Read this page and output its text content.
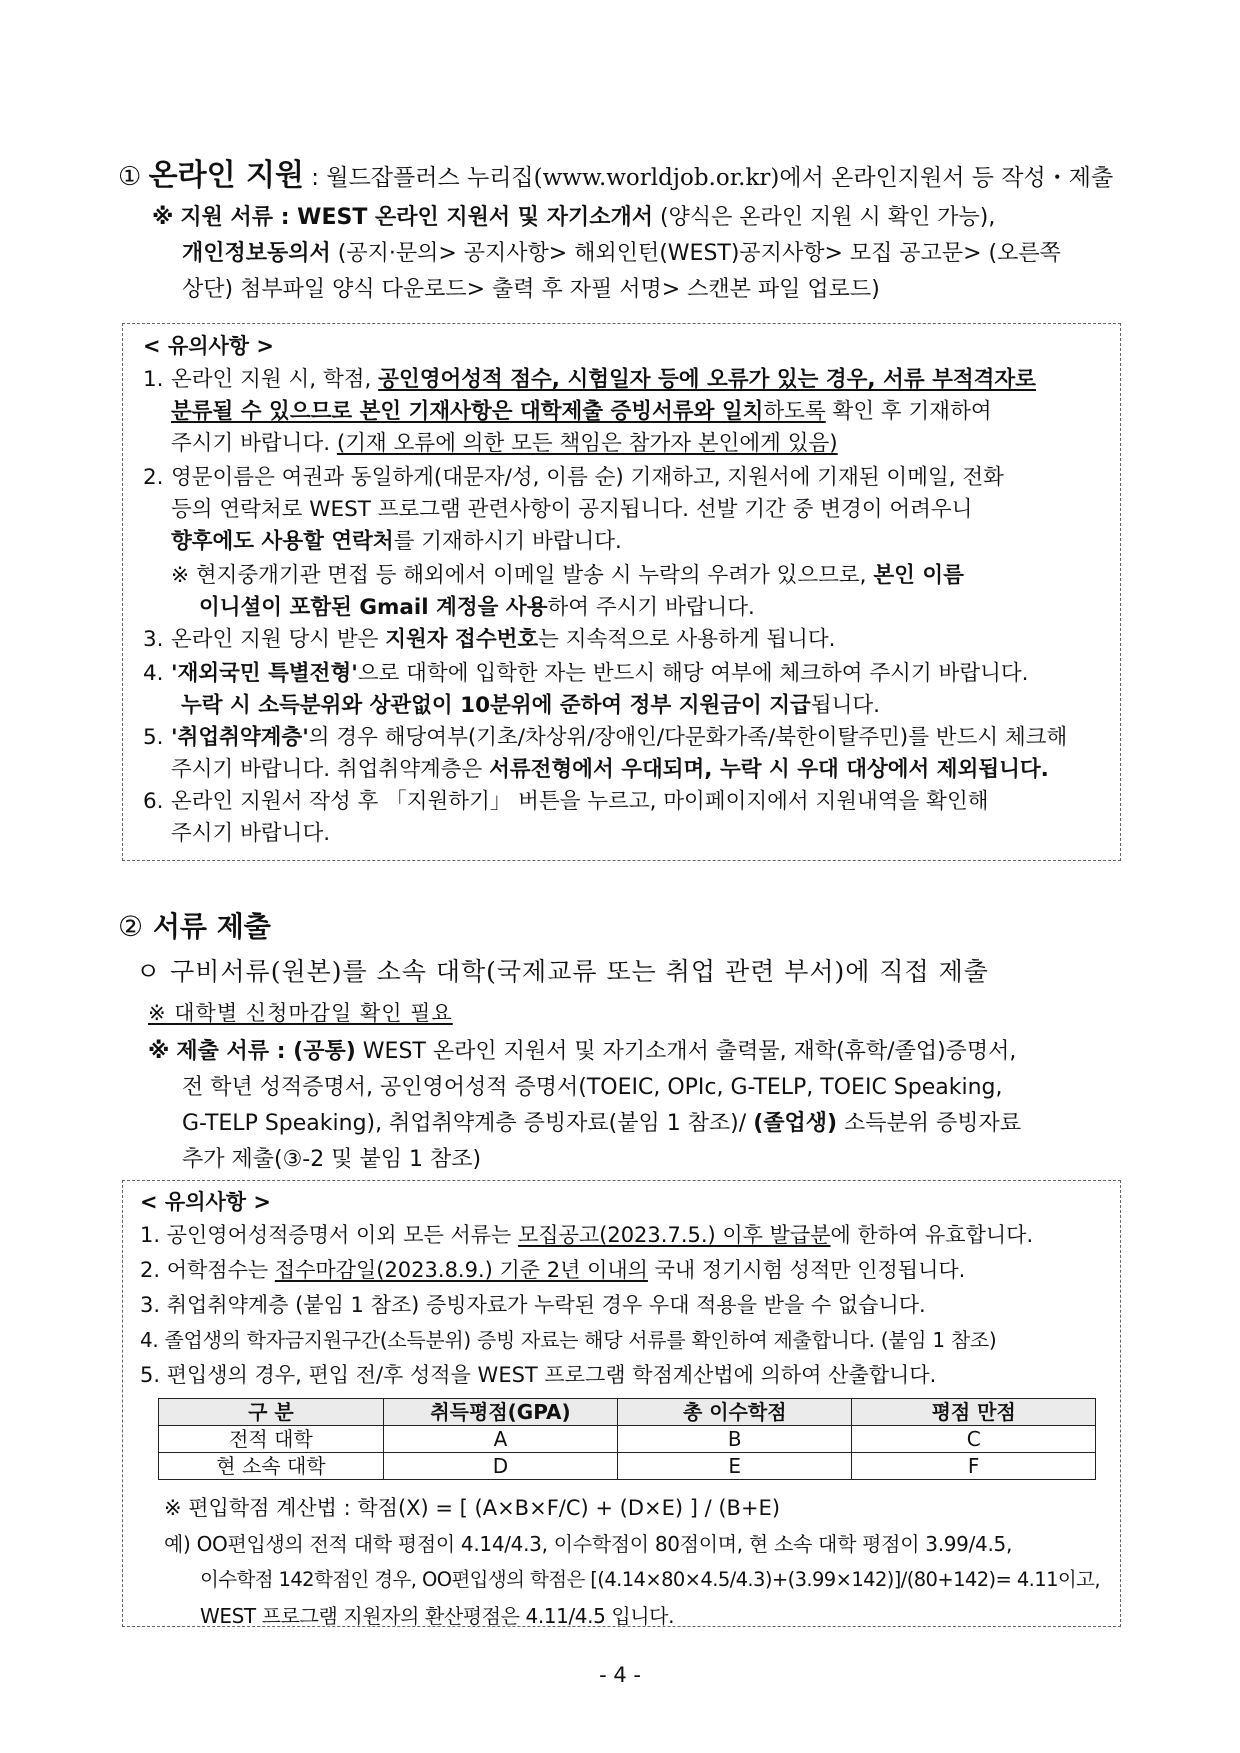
① 온라인 지원 : 월드잡플러스 누리집(www.worldjob.or.kr)에서 온라인지원서 등 작성・제출
※ 지원 서류 : WEST 온라인 지원서 및 자기소개서 (양식은 온라인 지원 시 확인 가능),
개인정보동의서 (공지·문의> 공지사항> 해외인턴(WEST)공지사항> 모집 공고문> (오른쪽
상단) 첨부파일 양식 다운로드> 출력 후 자필 서명> 스캔본 파일 업로드)
< 유의사항 >
1. 온라인 지원 시, 학점, 공인영어성적 점수, 시험일자 등에 오류가 있는 경우, 서류 부적격자로
분류될 수 있으므로 본인 기재사항은 대학제출 증빙서류와 일치하도록 확인 후 기재하여
주시기 바랍니다. (기재 오류에 의한 모든 책임은 참가자 본인에게 있음)
2. 영문이름은 여권과 동일하게(대문자/성, 이름 순) 기재하고, 지원서에 기재된 이메일, 전화
등의 연락처로 WEST 프로그램 관련사항이 공지됩니다. 선발 기간 중 변경이 어려우니
향후에도 사용할 연락처를 기재하시기 바랍니다.
※ 현지중개기관 면접 등 해외에서 이메일 발송 시 누락의 우려가 있으므로, 본인 이름
이니셜이 포함된 Gmail 계정을 사용하여 주시기 바랍니다.
3. 온라인 지원 당시 받은 지원자 접수번호는 지속적으로 사용하게 됩니다.
4. '재외국민 특별전형'으로 대학에 입학한 자는 반드시 해당 여부에 체크하여 주시기 바랍니다.
누락 시 소득분위와 상관없이 10분위에 준하여 정부 지원금이 지급됩니다.
5. '취업취약계층'의 경우 해당여부(기초/차상위/장애인/다문화가족/북한이탈주민)를 반드시 체크해
주시기 바랍니다. 취업취약계층은 서류전형에서 우대되며, 누락 시 우대 대상에서 제외됩니다.
6. 온라인 지원서 작성 후 「지원하기」 버튼을 누르고, 마이페이지에서 지원내역을 확인해
주시기 바랍니다.
② 서류 제출
ㅇ 구비서류(원본)를 소속 대학(국제교류 또는 취업 관련 부서)에 직접 제출
※ 대학별 신청마감일 확인 필요
※ 제출 서류 : (공통) WEST 온라인 지원서 및 자기소개서 출력물, 재학(휴학/졸업)증명서,
전 학년 성적증명서, 공인영어성적 증명서(TOEIC, OPIc, G-TELP, TOEIC Speaking,
G-TELP Speaking), 취업취약계층 증빙자료(붙임 1 참조)/ (졸업생) 소득분위 증빙자료
추가 제출(③-2 및 붙임 1 참조)
< 유의사항 >
1. 공인영어성적증명서 이외 모든 서류는 모집공고(2023.7.5.) 이후 발급분에 한하여 유효합니다.
2. 어학점수는 접수마감일(2023.8.9.) 기준 2년 이내의 국내 정기시험 성적만 인정됩니다.
3. 취업취약계층 (붙임 1 참조) 증빙자료가 누락된 경우 우대 적용을 받을 수 없습니다.
4. 졸업생의 학자금지원구간(소득분위) 증빙 자료는 해당 서류를 확인하여 제출합니다. (붙임 1 참조)
5. 편입생의 경우, 편입 전/후 성적을 WEST 프로그램 학점계산법에 의하여 산출합니다.
구 분	취득평점(GPA)	총 이수학점	평점 만점
전적 대학	A	B	C
현 소속 대학	D	E	F
※ 편입학점 계산법 : 학점(X) = [ (A×B×F/C) + (D×E) ] / (B+E)
예) OO편입생의 전적 대학 평점이 4.14/4.3, 이수학점이 80점이며, 현 소속 대학 평점이 3.99/4.5,
이수학점 142학점인 경우, OO편입생의 학점은 [(4.14×80×4.5/4.3)+(3.99×142)]/(80+142)= 4.11이고,
WEST 프로그램 지원자의 환산평점은 4.11/4.5 입니다.
- 4 -
